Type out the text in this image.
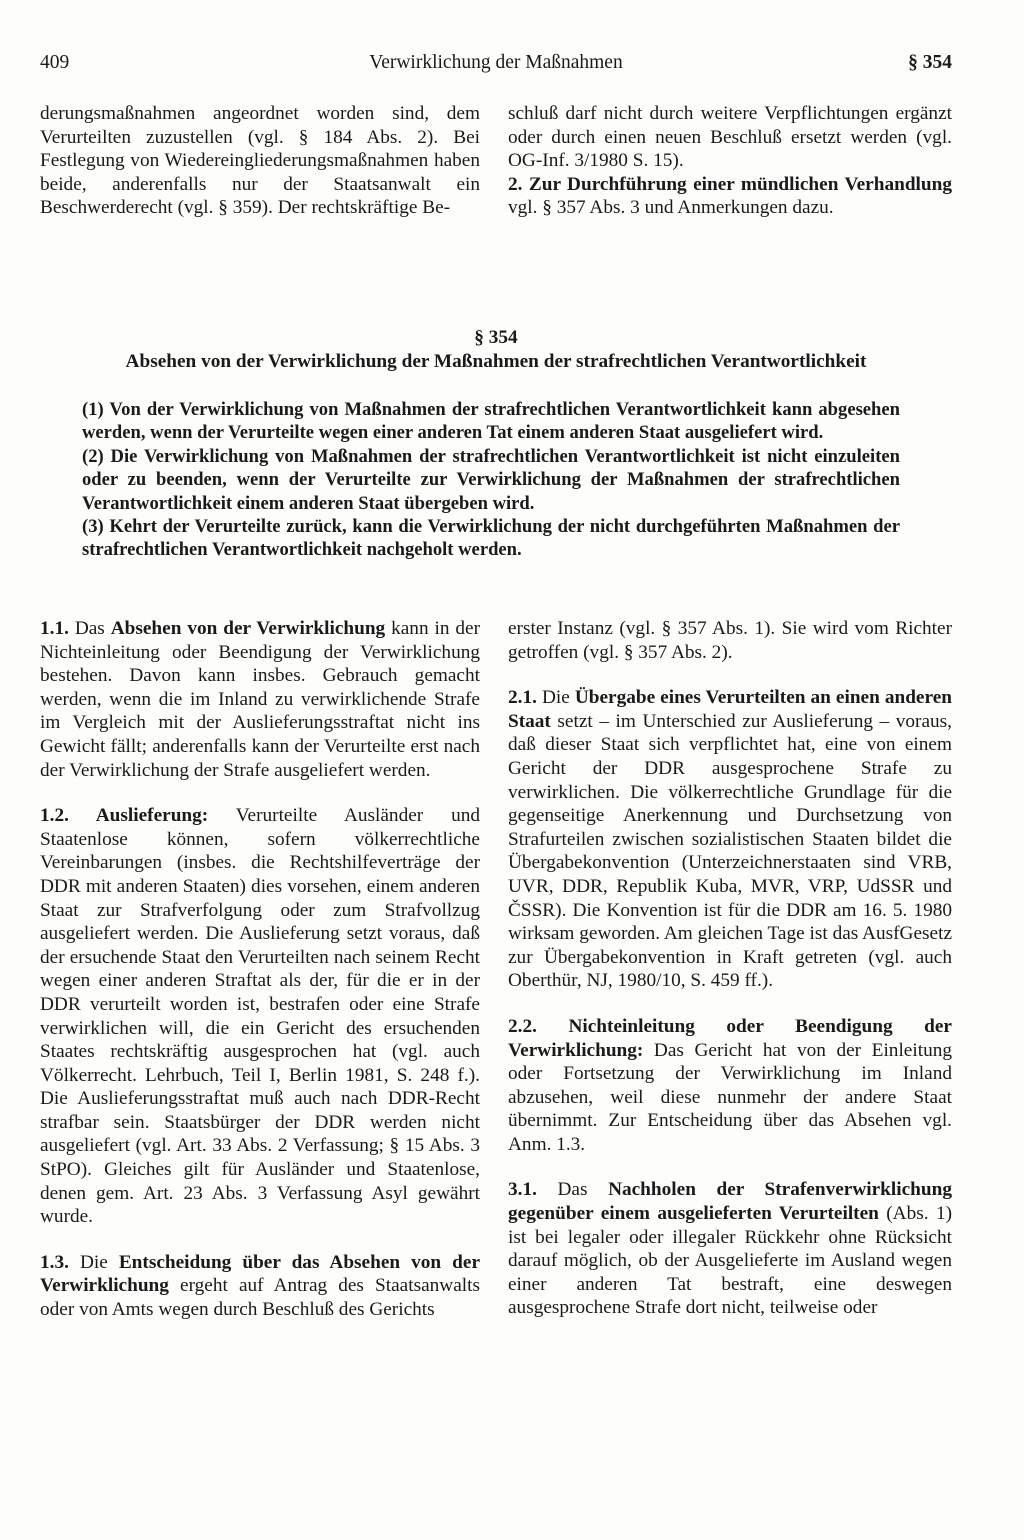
409	Verwirklichung der Maßnahmen	§ 354

derungsmaßnahmen angeordnet worden sind, dem Verurteilten zuzustellen (vgl. § 184 Abs. 2). Bei Festlegung von Wiedereingliederungsmaßnahmen haben beide, anderenfalls nur der Staatsanwalt ein Beschwerderecht (vgl. § 359). Der rechtskräftige Be-

schluß darf nicht durch weitere Verpflichtungen ergänzt oder durch einen neuen Beschluß ersetzt werden (vgl. OG-Inf. 3/1980 S. 15).

2. Zur Durchführung einer mündlichen Verhandlung vgl. § 357 Abs. 3 und Anmerkungen dazu.

§ 354
Absehen von der Verwirklichung der Maßnahmen der strafrechtlichen Verantwortlichkeit

(1) Von der Verwirklichung von Maßnahmen der strafrechtlichen Verantwortlichkeit kann abgesehen werden, wenn der Verurteilte wegen einer anderen Tat einem anderen Staat ausgeliefert wird.

(2) Die Verwirklichung von Maßnahmen der strafrechtlichen Verantwortlichkeit ist nicht einzuleiten oder zu beenden, wenn der Verurteilte zur Verwirklichung der Maßnahmen der strafrechtlichen Verantwortlichkeit einem anderen Staat übergeben wird.

(3) Kehrt der Verurteilte zurück, kann die Verwirklichung der nicht durchgeführten Maßnahmen der strafrechtlichen Verantwortlichkeit nachgeholt werden.

1.1. Das Absehen von der Verwirklichung kann in der Nichteinleitung oder Beendigung der Verwirklichung bestehen. Davon kann insbes. Gebrauch gemacht werden, wenn die im Inland zu verwirklichende Strafe im Vergleich mit der Auslieferungsstraftat nicht ins Gewicht fällt; anderenfalls kann der Verurteilte erst nach der Verwirklichung der Strafe ausgeliefert werden.

1.2. Auslieferung: Verurteilte Ausländer und Staatenlose können, sofern völkerrechtliche Vereinbarungen (insbes. die Rechtshilfeverträge der DDR mit anderen Staaten) dies vorsehen, einem anderen Staat zur Strafverfolgung oder zum Strafvollzug ausgeliefert werden. Die Auslieferung setzt voraus, daß der ersuchende Staat den Verurteilten nach seinem Recht wegen einer anderen Straftat als der, für die er in der DDR verurteilt worden ist, bestrafen oder eine Strafe verwirklichen will, die ein Gericht des ersuchenden Staates rechtskräftig ausgesprochen hat (vgl. auch Völkerrecht. Lehrbuch, Teil I, Berlin 1981, S. 248 f.). Die Auslieferungsstraftat muß auch nach DDR-Recht strafbar sein. Staatsbürger der DDR werden nicht ausgeliefert (vgl. Art. 33 Abs. 2 Verfassung; § 15 Abs. 3 StPO). Gleiches gilt für Ausländer und Staatenlose, denen gem. Art. 23 Abs. 3 Verfassung Asyl gewährt wurde.

1.3. Die Entscheidung über das Absehen von der Verwirklichung ergeht auf Antrag des Staatsanwalts oder von Amts wegen durch Beschluß des Gerichts

erster Instanz (vgl. § 357 Abs. 1). Sie wird vom Richter getroffen (vgl. § 357 Abs. 2).

2.1. Die Übergabe eines Verurteilten an einen anderen Staat setzt – im Unterschied zur Auslieferung – voraus, daß dieser Staat sich verpflichtet hat, eine von einem Gericht der DDR ausgesprochene Strafe zu verwirklichen. Die völkerrechtliche Grundlage für die gegenseitige Anerkennung und Durchsetzung von Strafurteilen zwischen sozialistischen Staaten bildet die Übergabekonvention (Unterzeichnerstaaten sind VRB, UVR, DDR, Republik Kuba, MVR, VRP, UdSSR und ČSSR). Die Konvention ist für die DDR am 16. 5. 1980 wirksam geworden. Am gleichen Tage ist das AusfGesetz zur Übergabekonvention in Kraft getreten (vgl. auch Oberthür, NJ, 1980/10, S. 459 ff.).

2.2. Nichteinleitung oder Beendigung der Verwirklichung: Das Gericht hat von der Einleitung oder Fortsetzung der Verwirklichung im Inland abzusehen, weil diese nunmehr der andere Staat übernimmt. Zur Entscheidung über das Absehen vgl. Anm. 1.3.

3.1. Das Nachholen der Strafenverwirklichung gegenüber einem ausgelieferten Verurteilten (Abs. 1) ist bei legaler oder illegaler Rückkehr ohne Rücksicht darauf möglich, ob der Ausgelieferte im Ausland wegen einer anderen Tat bestraft, eine deswegen ausgesprochene Strafe dort nicht, teilweise oder
